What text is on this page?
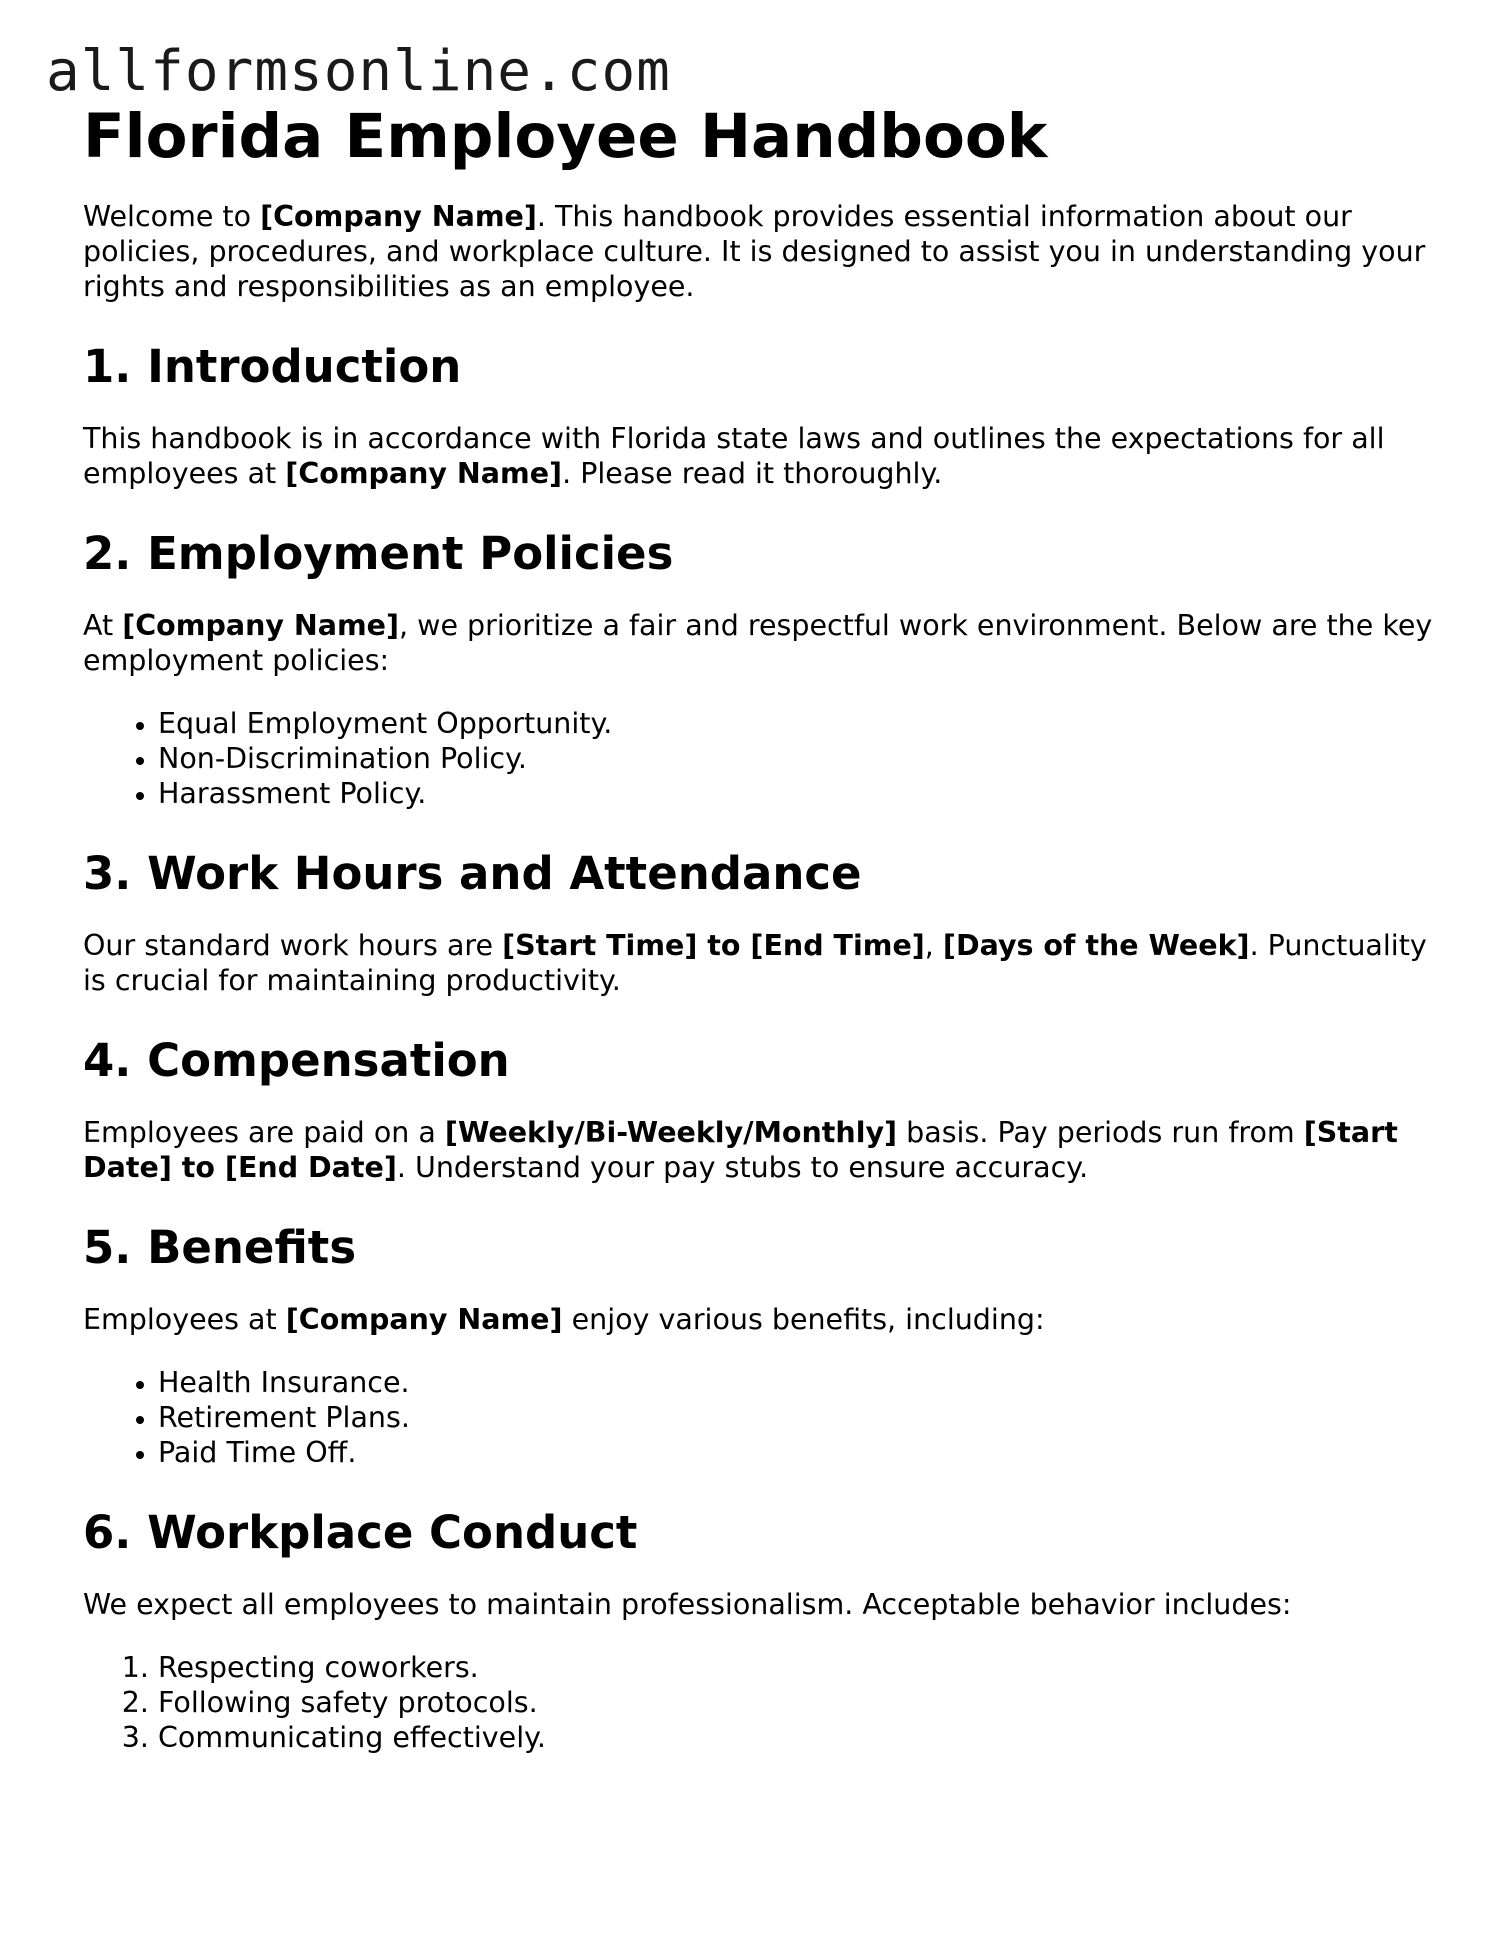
allformsonline.com
Florida Employee Handbook

Welcome to [Company Name]. This handbook provides essential information about our policies, procedures, and workplace culture. It is designed to assist you in understanding your rights and responsibilities as an employee.

1. Introduction

This handbook is in accordance with Florida state laws and outlines the expectations for all employees at [Company Name]. Please read it thoroughly.

2. Employment Policies

At [Company Name], we prioritize a fair and respectful work environment. Below are the key employment policies:

• Equal Employment Opportunity.
• Non-Discrimination Policy.
• Harassment Policy.
3. Work Hours and Attendance

Our standard work hours are [Start Time] to [End Time], [Days of the Week]. Punctuality is crucial for maintaining productivity.

4. Compensation

Employees are paid on a [Weekly/Bi-Weekly/Monthly] basis. Pay periods run from [Start Date] to [End Date]. Understand your pay stubs to ensure accuracy.

5. Benefits

Employees at [Company Name] enjoy various benefits, including:

• Health Insurance.
• Retirement Plans.
• Paid Time Off.
6. Workplace Conduct

We expect all employees to maintain professionalism. Acceptable behavior includes:

1. Respecting coworkers.
2. Following safety protocols.
3. Communicating effectively.
